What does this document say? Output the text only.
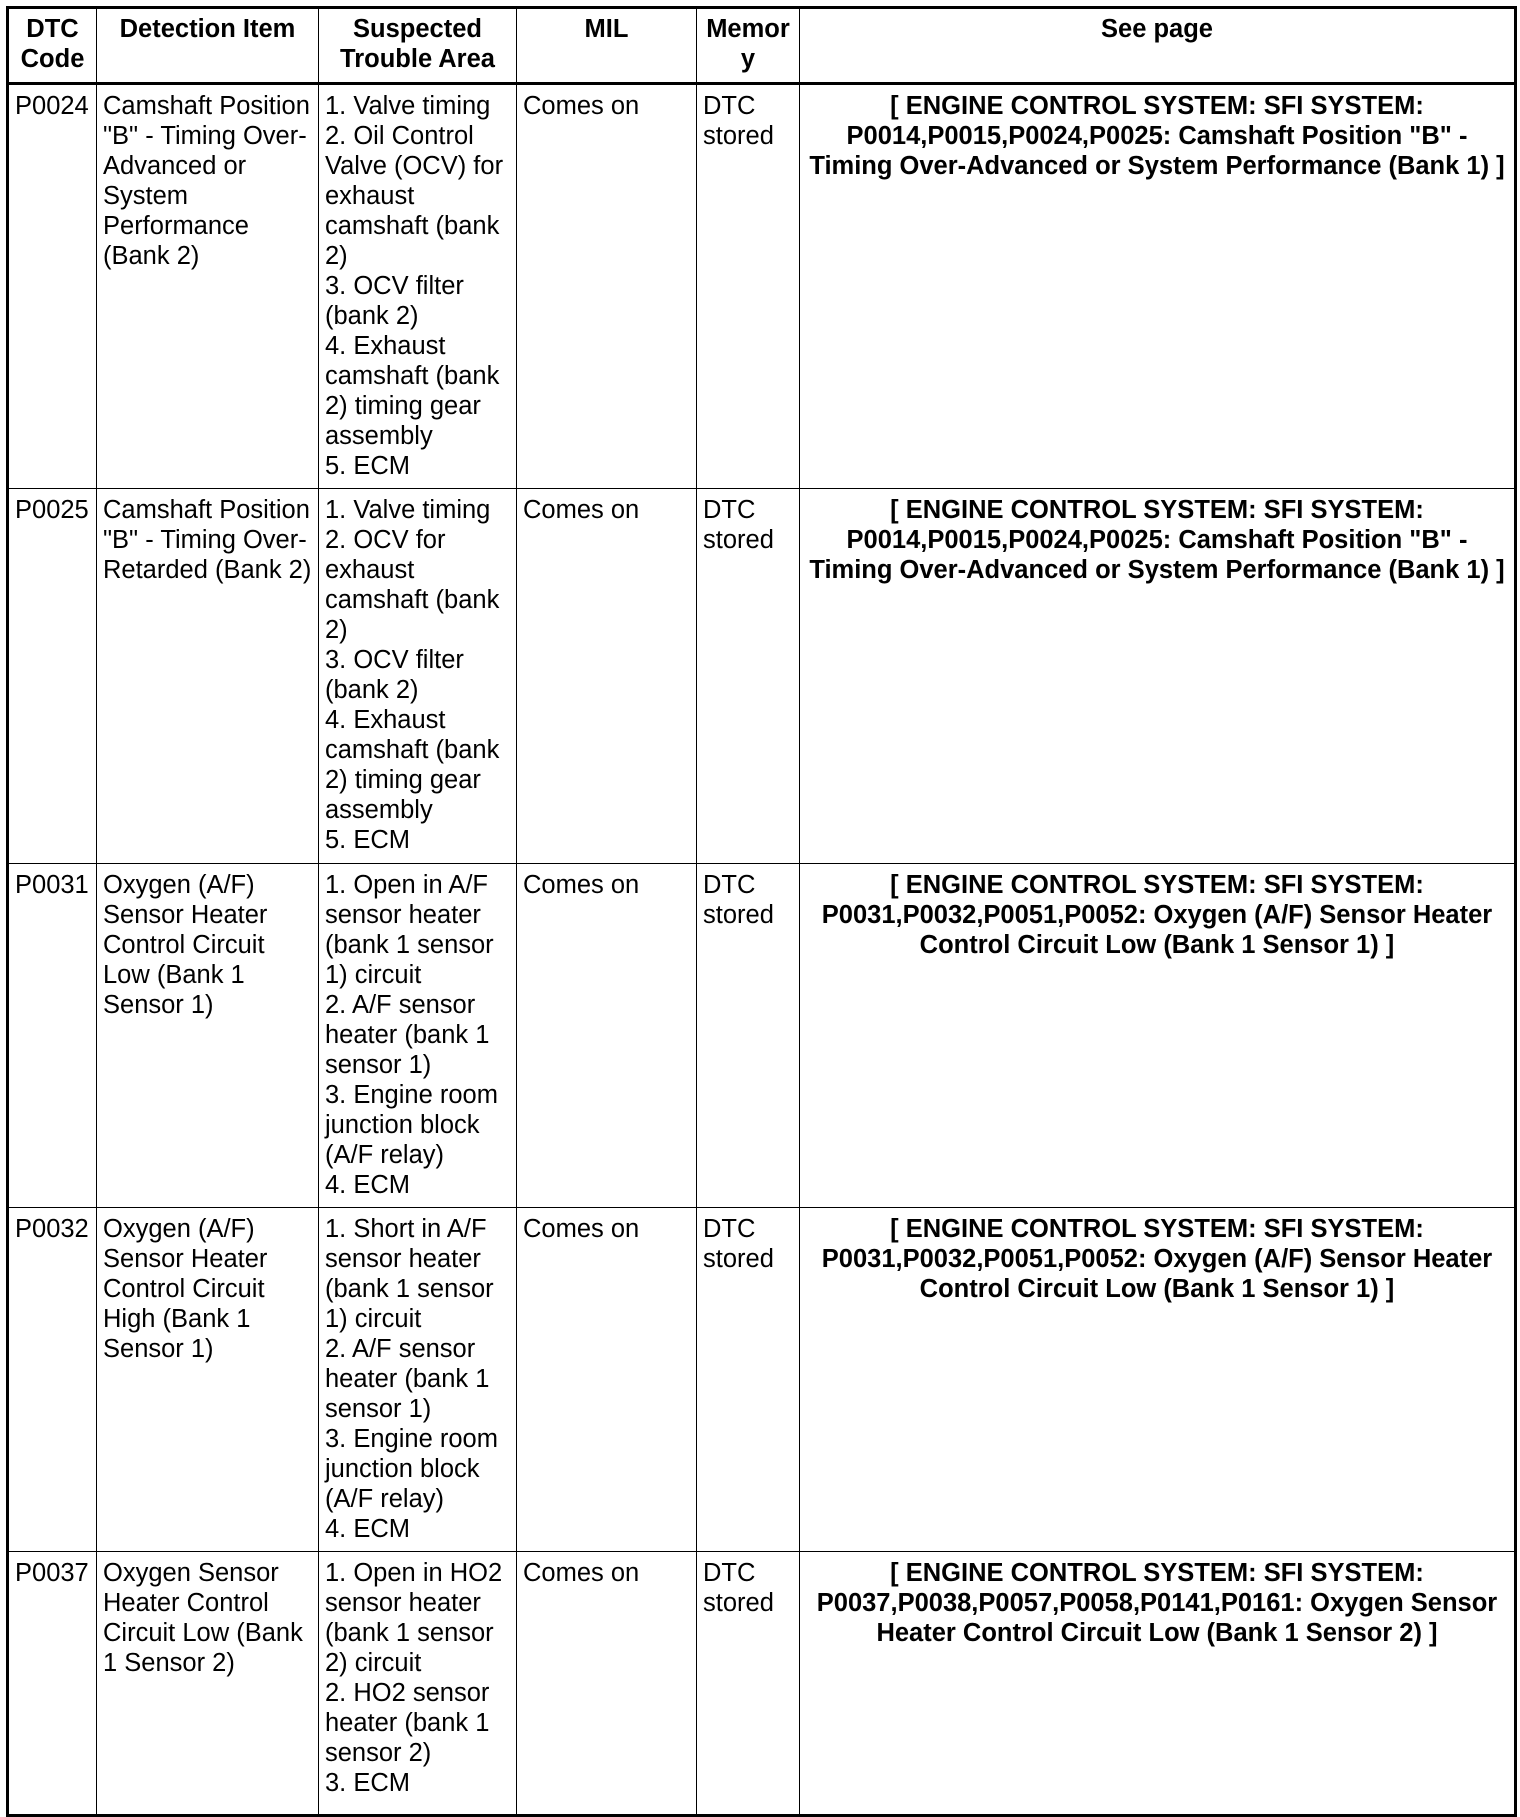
DTC Code	Detection Item	Suspected Trouble Area	MIL	Memory	See page
P0024	Camshaft Position "B" - Timing Over-Advanced or System Performance (Bank 2)	1. Valve timing
2. Oil Control Valve (OCV) for exhaust camshaft (bank 2)
3. OCV filter (bank 2)
4. Exhaust camshaft (bank 2) timing gear assembly
5. ECM	Comes on	DTC stored	[ ENGINE CONTROL SYSTEM: SFI SYSTEM: P0014,P0015,P0024,P0025: Camshaft Position "B" - Timing Over-Advanced or System Performance (Bank 1) ]
P0025	Camshaft Position "B" - Timing Over-Retarded (Bank 2)	1. Valve timing
2. OCV for exhaust camshaft (bank 2)
3. OCV filter (bank 2)
4. Exhaust camshaft (bank 2) timing gear assembly
5. ECM	Comes on	DTC stored	[ ENGINE CONTROL SYSTEM: SFI SYSTEM: P0014,P0015,P0024,P0025: Camshaft Position "B" - Timing Over-Advanced or System Performance (Bank 1) ]
P0031	Oxygen (A/F) Sensor Heater Control Circuit Low (Bank 1 Sensor 1)	1. Open in A/F sensor heater (bank 1 sensor 1) circuit
2. A/F sensor heater (bank 1 sensor 1)
3. Engine room junction block (A/F relay)
4. ECM	Comes on	DTC stored	[ ENGINE CONTROL SYSTEM: SFI SYSTEM: P0031,P0032,P0051,P0052: Oxygen (A/F) Sensor Heater Control Circuit Low (Bank 1 Sensor 1) ]
P0032	Oxygen (A/F) Sensor Heater Control Circuit High (Bank 1 Sensor 1)	1. Short in A/F sensor heater (bank 1 sensor 1) circuit
2. A/F sensor heater (bank 1 sensor 1)
3. Engine room junction block (A/F relay)
4. ECM	Comes on	DTC stored	[ ENGINE CONTROL SYSTEM: SFI SYSTEM: P0031,P0032,P0051,P0052: Oxygen (A/F) Sensor Heater Control Circuit Low (Bank 1 Sensor 1) ]
P0037	Oxygen Sensor Heater Control Circuit Low (Bank 1 Sensor 2)	1. Open in HO2 sensor heater (bank 1 sensor 2) circuit
2. HO2 sensor heater (bank 1 sensor 2)
3. ECM	Comes on	DTC stored	[ ENGINE CONTROL SYSTEM: SFI SYSTEM: P0037,P0038,P0057,P0058,P0141,P0161: Oxygen Sensor Heater Control Circuit Low (Bank 1 Sensor 2) ]
